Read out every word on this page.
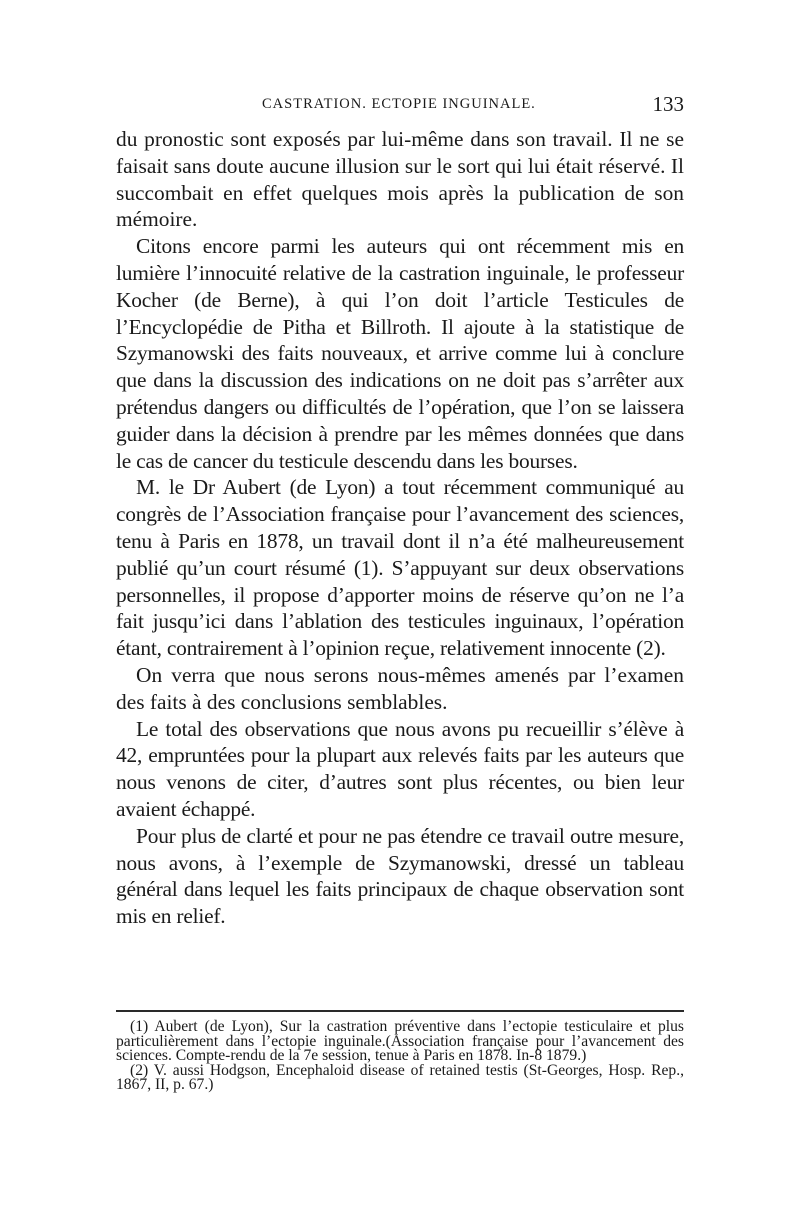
CASTRATION. ECTOPIE INGUINALE.	133

du pronostic sont exposés par lui-même dans son travail. Il ne se faisait sans doute aucune illusion sur le sort qui lui était réservé. Il succombait en effet quelques mois après la publication de son mémoire.

Citons encore parmi les auteurs qui ont récemment mis en lumière l’innocuité relative de la castration inguinale, le professeur Kocher (de Berne), à qui l’on doit l’article Testicules de l’Encyclopédie de Pitha et Billroth. Il ajoute à la statistique de Szymanowski des faits nouveaux, et arrive comme lui à conclure que dans la discussion des indications on ne doit pas s’arrêter aux prétendus dangers ou difficultés de l’opération, que l’on se laissera guider dans la décision à prendre par les mêmes données que dans le cas de cancer du testicule descendu dans les bourses.

M. le Dr Aubert (de Lyon) a tout récemment communiqué au congrès de l’Association française pour l’avancement des sciences, tenu à Paris en 1878, un travail dont il n’a été malheureusement publié qu’un court résumé (1). S’appuyant sur deux observations personnelles, il propose d’apporter moins de réserve qu’on ne l’a fait jusqu’ici dans l’ablation des testicules inguinaux, l’opération étant, contrairement à l’opinion reçue, relativement innocente (2).

On verra que nous serons nous-mêmes amenés par l’examen des faits à des conclusions semblables.

Le total des observations que nous avons pu recueillir s’élève à 42, empruntées pour la plupart aux relevés faits par les auteurs que nous venons de citer, d’autres sont plus récentes, ou bien leur avaient échappé.

Pour plus de clarté et pour ne pas étendre ce travail outre mesure, nous avons, à l’exemple de Szymanowski, dressé un tableau général dans lequel les faits principaux de chaque observation sont mis en relief.

(1) Aubert (de Lyon), Sur la castration préventive dans l’ectopie testiculaire et plus particulièrement dans l’ectopie inguinale.(Association française pour l’avancement des sciences. Compte-rendu de la 7e session, tenue à Paris en 1878. In-8 1879.)

(2) V. aussi Hodgson, Encephaloid disease of retained testis (St-Georges, Hosp. Rep., 1867, II, p. 67.)
